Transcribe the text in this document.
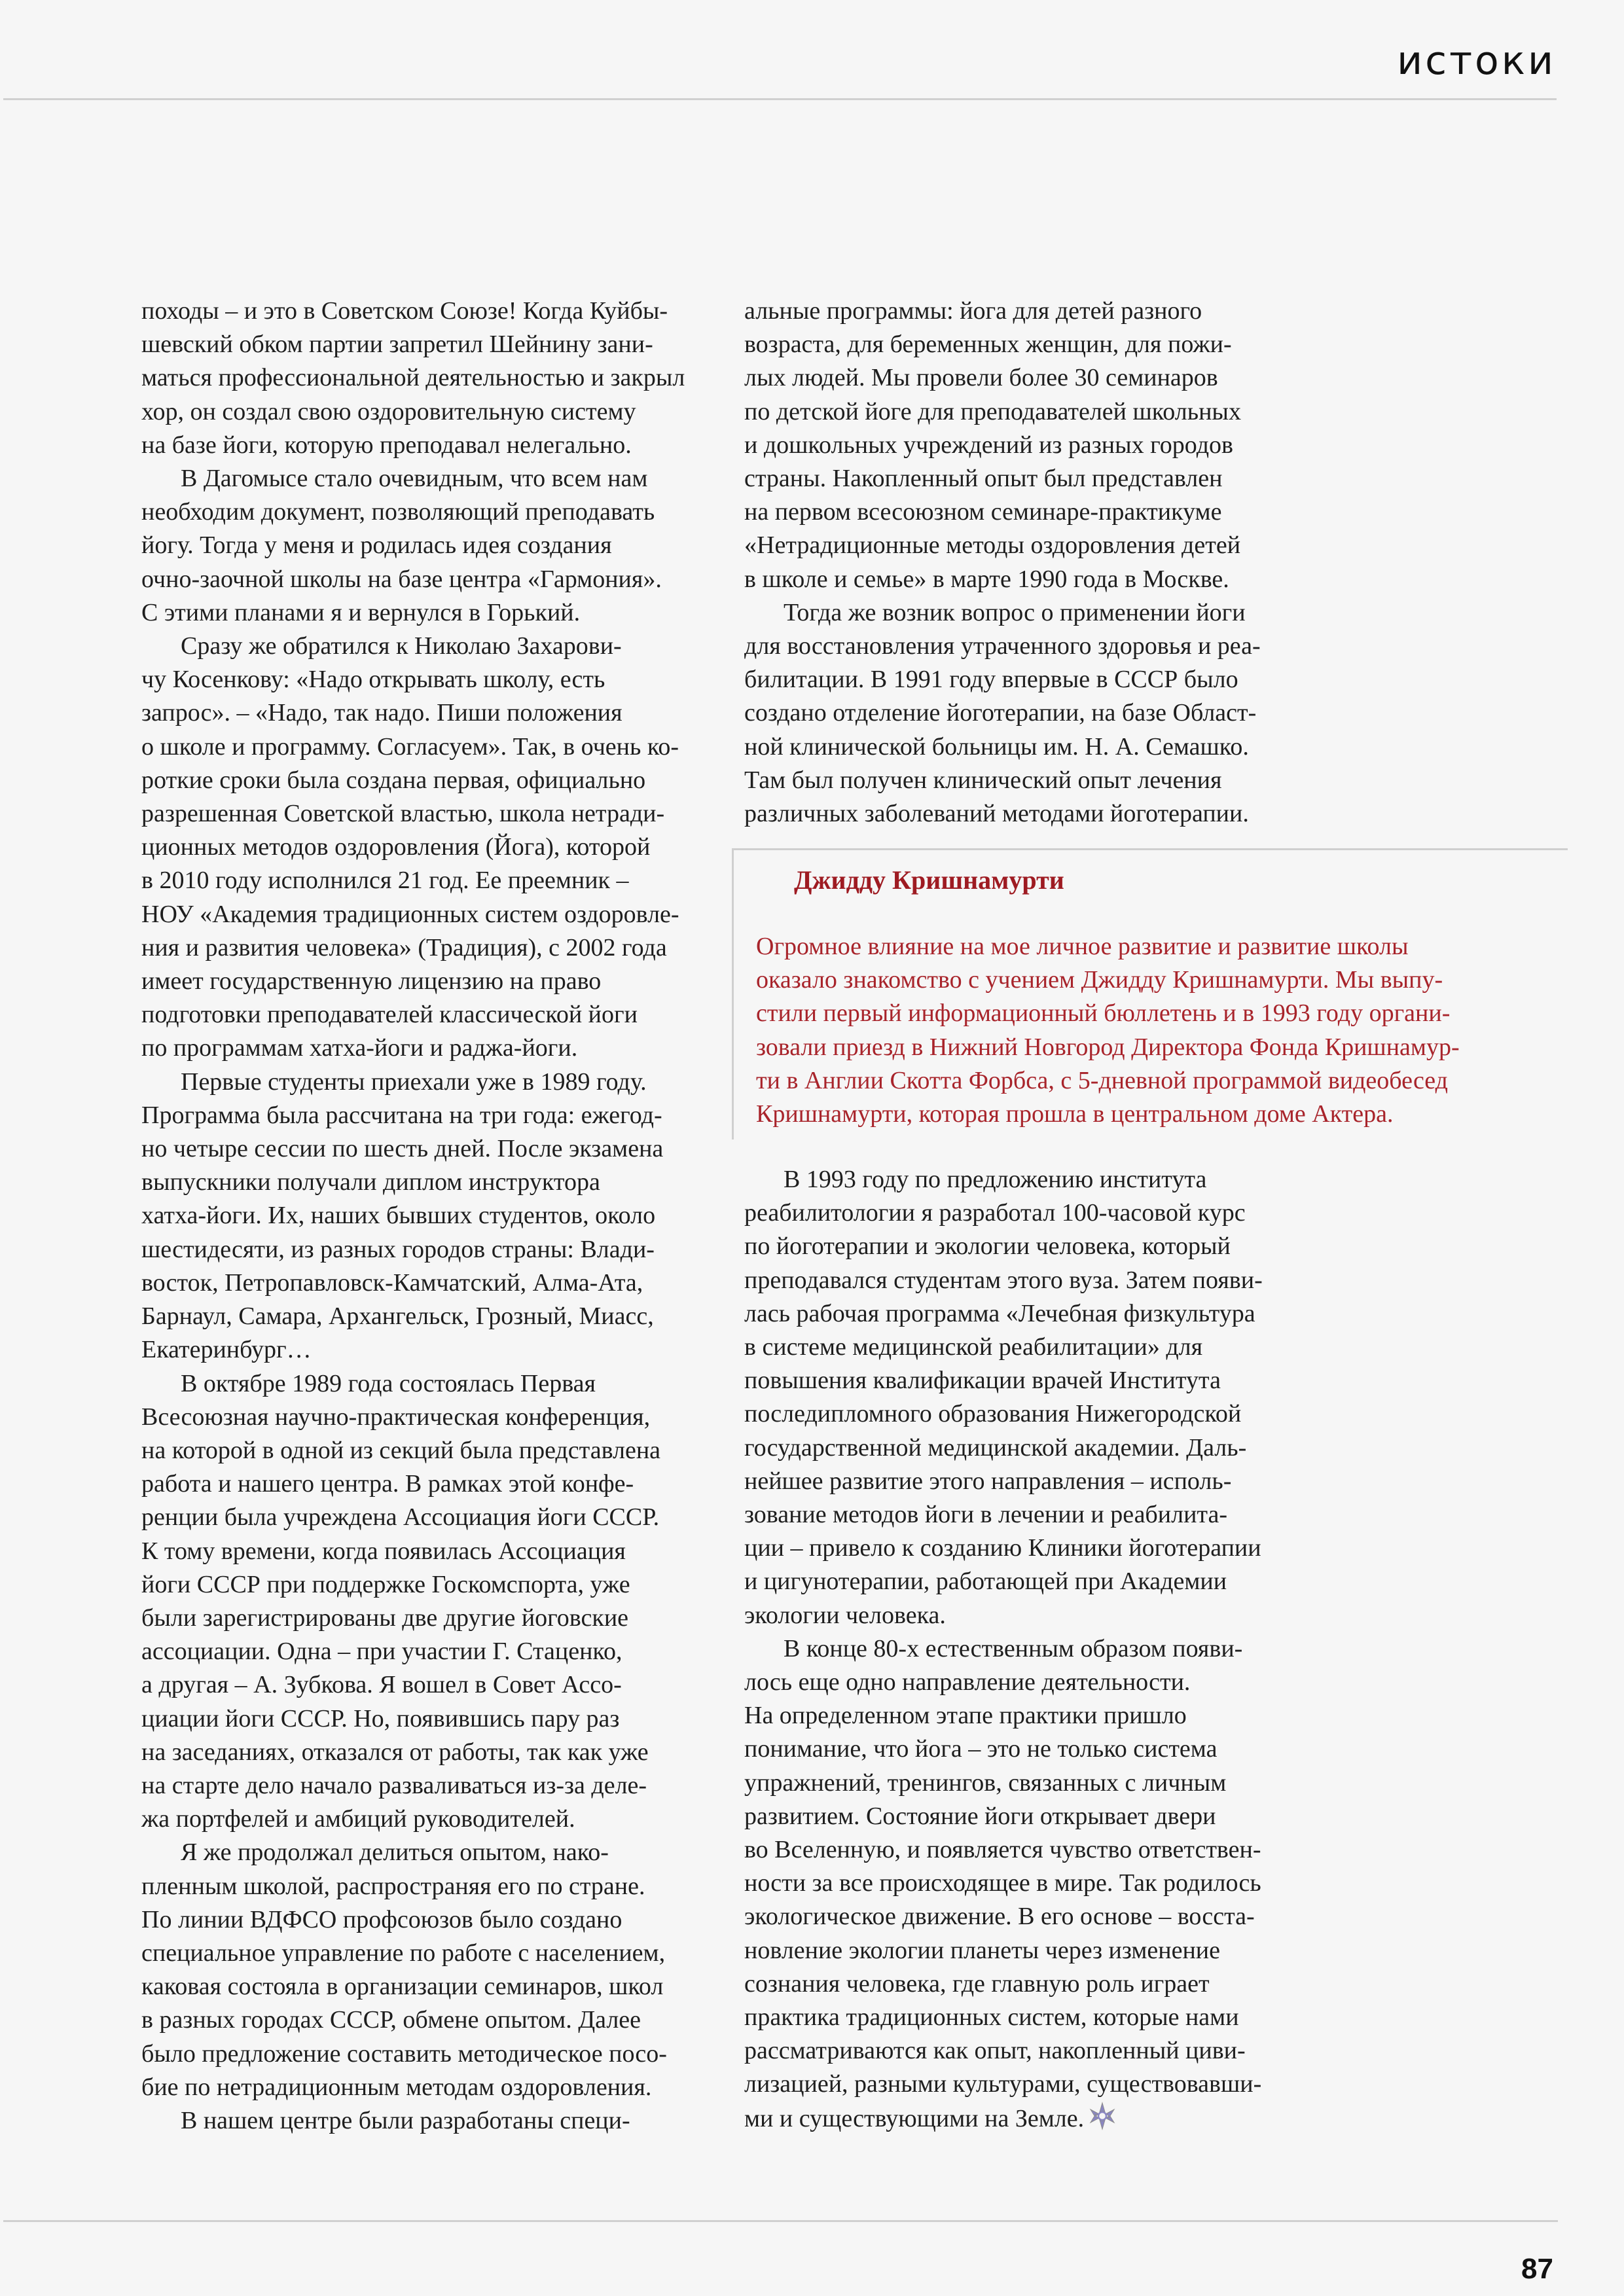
истоки

походы – и это в Советском Союзе! Когда Куйбы-

шевский обком партии запретил Шейнину зани-

маться профессиональной деятельностью и закрыл

хор, он создал свою оздоровительную систему

на базе йоги, которую преподавал нелегально.

В Дагомысе стало очевидным, что всем нам

необходим документ, позволяющий преподавать

йогу. Тогда у меня и родилась идея создания

очно-заочной школы на базе центра «Гармония».

С этими планами я и вернулся в Горький.

Сразу же обратился к Николаю Захарови-

чу Косенкову: «Надо открывать школу, есть

запрос». – «Надо, так надо. Пиши положения

о школе и программу. Согласуем». Так, в очень ко-

роткие сроки была создана первая, официально

разрешенная Советской властью, школа нетради-

ционных методов оздоровления (Йога), которой

в 2010 году исполнился 21 год. Ее преемник –

НОУ «Академия традиционных систем оздоровле-

ния и развития человека» (Традиция), с 2002 года

имеет государственную лицензию на право

подготовки преподавателей классической йоги

по программам хатха-йоги и раджа-йоги.

Первые студенты приехали уже в 1989 году.

Программа была рассчитана на три года: ежегод-

но четыре сессии по шесть дней. После экзамена

выпускники получали диплом инструктора

хатха-йоги. Их, наших бывших студентов, около

шестидесяти, из разных городов страны: Влади-

восток, Петропавловск-Камчатский, Алма-Ата,

Барнаул, Самара, Архангельск, Грозный, Миасс,

Екатеринбург…

В октябре 1989 года состоялась Первая

Всесоюзная научно-практическая конференция,

на которой в одной из секций была представлена

работа и нашего центра. В рамках этой конфе-

ренции была учреждена Ассоциация йоги СССР.

К тому времени, когда появилась Ассоциация

йоги СССР при поддержке Госкомспорта, уже

были зарегистрированы две другие йоговские

ассоциации. Одна – при участии Г. Стаценко,

а другая – А. Зубкова. Я вошел в Совет Ассо-

циации йоги СССР. Но, появившись пару раз

на заседаниях, отказался от работы, так как уже

на старте дело начало разваливаться из-за деле-

жа портфелей и амбиций руководителей.

Я же продолжал делиться опытом, нако-

пленным школой, распространяя его по стране.

По линии ВДФСО профсоюзов было создано

специальное управление по работе с населением,

каковая состояла в организации семинаров, школ

в разных городах СССР, обмене опытом. Далее

было предложение составить методическое посо-

бие по нетрадиционным методам оздоровления.

В нашем центре были разработаны специ-

альные программы: йога для детей разного

возраста, для беременных женщин, для пожи-

лых людей. Мы провели более 30 семинаров

по детской йоге для преподавателей школьных

и дошкольных учреждений из разных городов

страны. Накопленный опыт был представлен

на первом всесоюзном семинаре-практикуме

«Нетрадиционные методы оздоровления детей

в школе и семье» в марте 1990 года в Москве.

Тогда же возник вопрос о применении йоги

для восстановления утраченного здоровья и реа-

билитации. В 1991 году впервые в СССР было

создано отделение йоготерапии, на базе Област-

ной клинической больницы им. Н. А. Семашко.

Там был получен клинический опыт лечения

различных заболеваний методами йоготерапии.

Джидду Кришнамурти

Огромное влияние на мое личное развитие и развитие школы

оказало знакомство с учением Джидду Кришнамурти. Мы выпу-

стили первый информационный бюллетень и в 1993 году органи-

зовали приезд в Нижний Новгород Директора Фонда Кришнамур-

ти в Англии Скотта Форбса, с 5-дневной программой видеобесед

Кришнамурти, которая прошла в центральном доме Актера.

В 1993 году по предложению института

реабилитологии я разработал 100-часовой курс

по йоготерапии и экологии человека, который

преподавался студентам этого вуза. Затем появи-

лась рабочая программа «Лечебная физкультура

в системе медицинской реабилитации» для

повышения квалификации врачей Института

последипломного образования Нижегородской

государственной медицинской академии. Даль-

нейшее развитие этого направления – исполь-

зование методов йоги в лечении и реабилита-

ции – привело к созданию Клиники йоготерапии

и цигунотерапии, работающей при Академии

экологии человека.

В конце 80-х естественным образом появи-

лось еще одно направление деятельности.

На определенном этапе практики пришло

понимание, что йога – это не только система

упражнений, тренингов, связанных с личным

развитием. Состояние йоги открывает двери

во Вселенную, и появляется чувство ответствен-

ности за все происходящее в мире. Так родилось

экологическое движение. В его основе – восста-

новление экологии планеты через изменение

сознания человека, где главную роль играет

практика традиционных систем, которые нами

рассматриваются как опыт, накопленный циви-

лизацией, разными культурами, существовавши-

ми и существующими на Земле.

87
